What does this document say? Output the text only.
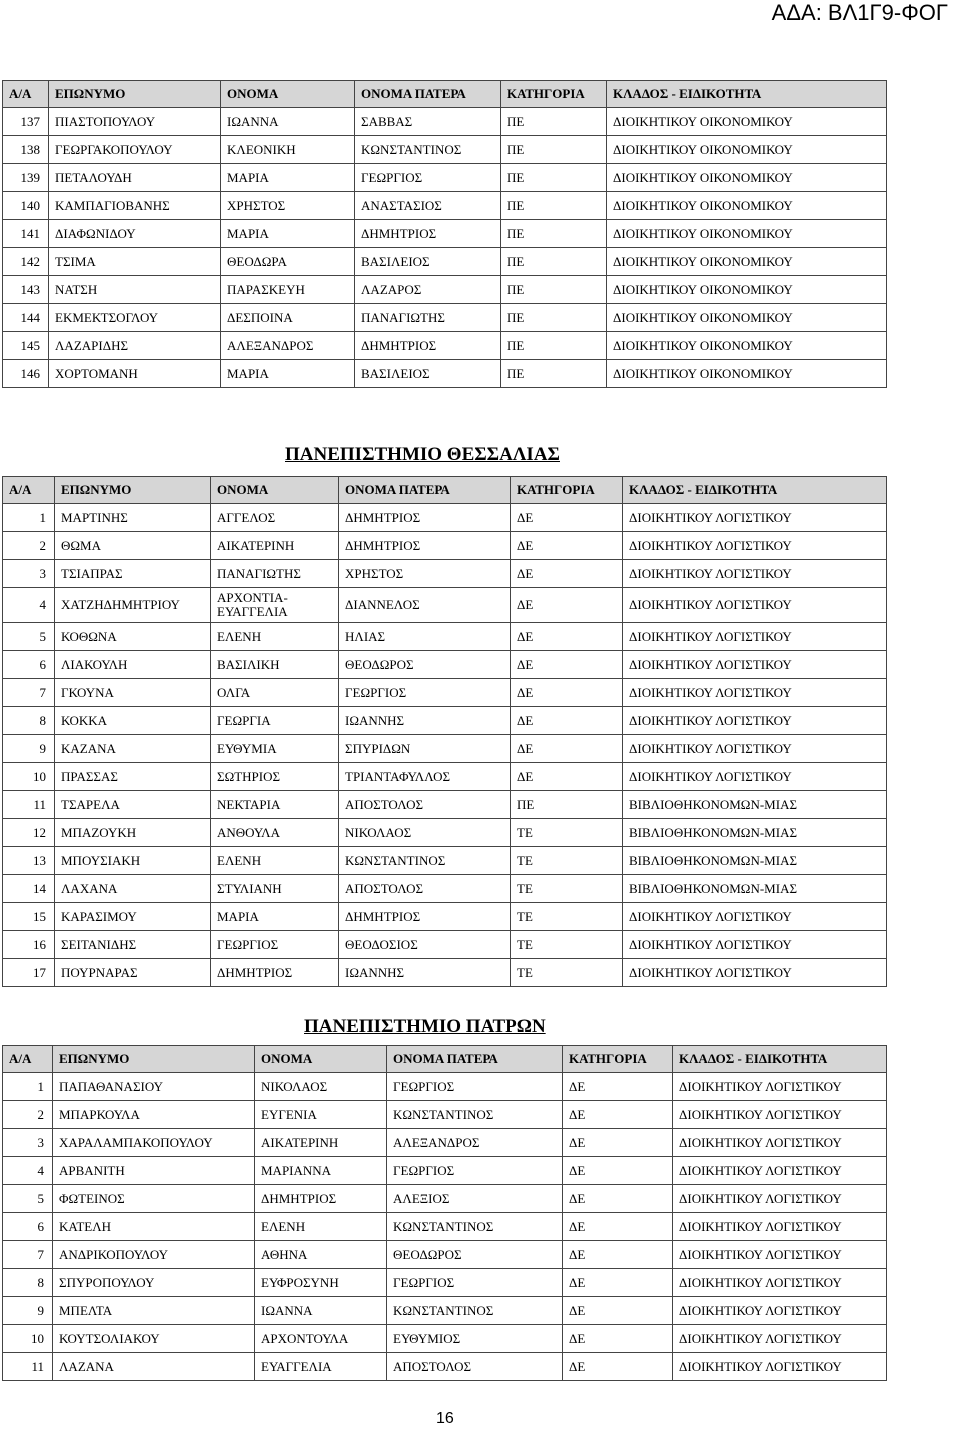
ΑΔΑ: ΒΛ1Γ9-ΦΟΓ
Α/Α	ΕΠΩΝΥΜΟ	ΟΝΟΜΑ	ΟΝΟΜΑ ΠΑΤΕΡΑ	ΚΑΤΗΓΟΡΙΑ	ΚΛΑΔΟΣ - ΕΙΔΙΚΟΤΗΤΑ
137	ΠΙΑΣΤΟΠΟΥΛΟΥ	ΙΩΑΝΝΑ	ΣΑΒΒΑΣ	ΠΕ	ΔΙΟΙΚΗΤΙΚΟΥ ΟΙΚΟΝΟΜΙΚΟΥ
138	ΓΕΩΡΓΑΚΟΠΟΥΛΟΥ	ΚΛΕΟΝΙΚΗ	ΚΩΝΣΤΑΝΤΙΝΟΣ	ΠΕ	ΔΙΟΙΚΗΤΙΚΟΥ ΟΙΚΟΝΟΜΙΚΟΥ
139	ΠΕΤΑΛΟΥΔΗ	ΜΑΡΙΑ	ΓΕΩΡΓΙΟΣ	ΠΕ	ΔΙΟΙΚΗΤΙΚΟΥ ΟΙΚΟΝΟΜΙΚΟΥ
140	ΚΑΜΠΑΓΙΟΒΑΝΗΣ	ΧΡΗΣΤΟΣ	ΑΝΑΣΤΑΣΙΟΣ	ΠΕ	ΔΙΟΙΚΗΤΙΚΟΥ ΟΙΚΟΝΟΜΙΚΟΥ
141	ΔΙΑΦΩΝΙΔΟΥ	ΜΑΡΙΑ	ΔΗΜΗΤΡΙΟΣ	ΠΕ	ΔΙΟΙΚΗΤΙΚΟΥ ΟΙΚΟΝΟΜΙΚΟΥ
142	ΤΣΙΜΑ	ΘΕΟΔΩΡΑ	ΒΑΣΙΛΕΙΟΣ	ΠΕ	ΔΙΟΙΚΗΤΙΚΟΥ ΟΙΚΟΝΟΜΙΚΟΥ
143	ΝΑΤΣΗ	ΠΑΡΑΣΚΕΥΗ	ΛΑΖΑΡΟΣ	ΠΕ	ΔΙΟΙΚΗΤΙΚΟΥ ΟΙΚΟΝΟΜΙΚΟΥ
144	ΕΚΜΕΚΤΣΟΓΛΟΥ	ΔΕΣΠΟΙΝΑ	ΠΑΝΑΓΙΩΤΗΣ	ΠΕ	ΔΙΟΙΚΗΤΙΚΟΥ ΟΙΚΟΝΟΜΙΚΟΥ
145	ΛΑΖΑΡΙΔΗΣ	ΑΛΕΞΑΝΔΡΟΣ	ΔΗΜΗΤΡΙΟΣ	ΠΕ	ΔΙΟΙΚΗΤΙΚΟΥ ΟΙΚΟΝΟΜΙΚΟΥ
146	ΧΟΡΤΟΜΑΝΗ	ΜΑΡΙΑ	ΒΑΣΙΛΕΙΟΣ	ΠΕ	ΔΙΟΙΚΗΤΙΚΟΥ ΟΙΚΟΝΟΜΙΚΟΥ
ΠΑΝΕΠΙΣΤΗΜΙΟ ΘΕΣΣΑΛΙΑΣ
Α/Α	ΕΠΩΝΥΜΟ	ΟΝΟΜΑ	ΟΝΟΜΑ ΠΑΤΕΡΑ	ΚΑΤΗΓΟΡΙΑ	ΚΛΑΔΟΣ - ΕΙΔΙΚΟΤΗΤΑ
1	ΜΑΡΤΙΝΗΣ	ΑΓΓΕΛΟΣ	ΔΗΜΗΤΡΙΟΣ	ΔΕ	ΔΙΟΙΚΗΤΙΚΟΥ ΛΟΓΙΣΤΙΚΟΥ
2	ΘΩΜΑ	ΑΙΚΑΤΕΡΙΝΗ	ΔΗΜΗΤΡΙΟΣ	ΔΕ	ΔΙΟΙΚΗΤΙΚΟΥ ΛΟΓΙΣΤΙΚΟΥ
3	ΤΣΙΑΠΡΑΣ	ΠΑΝΑΓΙΩΤΗΣ	ΧΡΗΣΤΟΣ	ΔΕ	ΔΙΟΙΚΗΤΙΚΟΥ ΛΟΓΙΣΤΙΚΟΥ
4	ΧΑΤΖΗΔΗΜΗΤΡΙΟΥ	ΑΡΧΟΝΤΙΑ-ΕΥΑΓΓΕΛΙΑ	ΔΙΑΝΝΕΛΟΣ	ΔΕ	ΔΙΟΙΚΗΤΙΚΟΥ ΛΟΓΙΣΤΙΚΟΥ
5	ΚΟΘΩΝΑ	ΕΛΕΝΗ	ΗΛΙΑΣ	ΔΕ	ΔΙΟΙΚΗΤΙΚΟΥ ΛΟΓΙΣΤΙΚΟΥ
6	ΛΙΑΚΟΥΛΗ	ΒΑΣΙΛΙΚΗ	ΘΕΟΔΩΡΟΣ	ΔΕ	ΔΙΟΙΚΗΤΙΚΟΥ ΛΟΓΙΣΤΙΚΟΥ
7	ΓΚΟΥΝΑ	ΟΛΓΑ	ΓΕΩΡΓΙΟΣ	ΔΕ	ΔΙΟΙΚΗΤΙΚΟΥ ΛΟΓΙΣΤΙΚΟΥ
8	ΚΟΚΚΑ	ΓΕΩΡΓΙΑ	ΙΩΑΝΝΗΣ	ΔΕ	ΔΙΟΙΚΗΤΙΚΟΥ ΛΟΓΙΣΤΙΚΟΥ
9	ΚΑΖΑΝΑ	ΕΥΘΥΜΙΑ	ΣΠΥΡΙΔΩΝ	ΔΕ	ΔΙΟΙΚΗΤΙΚΟΥ ΛΟΓΙΣΤΙΚΟΥ
10	ΠΡΑΣΣΑΣ	ΣΩΤΗΡΙΟΣ	ΤΡΙΑΝΤΑΦΥΛΛΟΣ	ΔΕ	ΔΙΟΙΚΗΤΙΚΟΥ ΛΟΓΙΣΤΙΚΟΥ
11	ΤΣΑΡΕΛΑ	ΝΕΚΤΑΡΙΑ	ΑΠΟΣΤΟΛΟΣ	ΠΕ	ΒΙΒΛΙΟΘΗΚΟΝΟΜΩΝ-ΜΙΑΣ
12	ΜΠΑΖΟΥΚΗ	ΑΝΘΟΥΛΑ	ΝΙΚΟΛΑΟΣ	ΤΕ	ΒΙΒΛΙΟΘΗΚΟΝΟΜΩΝ-ΜΙΑΣ
13	ΜΠΟΥΣΙΑΚΗ	ΕΛΕΝΗ	ΚΩΝΣΤΑΝΤΙΝΟΣ	ΤΕ	ΒΙΒΛΙΟΘΗΚΟΝΟΜΩΝ-ΜΙΑΣ
14	ΛΑΧΑΝΑ	ΣΤΥΛΙΑΝΗ	ΑΠΟΣΤΟΛΟΣ	ΤΕ	ΒΙΒΛΙΟΘΗΚΟΝΟΜΩΝ-ΜΙΑΣ
15	ΚΑΡΑΣΙΜΟΥ	ΜΑΡΙΑ	ΔΗΜΗΤΡΙΟΣ	ΤΕ	ΔΙΟΙΚΗΤΙΚΟΥ ΛΟΓΙΣΤΙΚΟΥ
16	ΣΕΙΤΑΝΙΔΗΣ	ΓΕΩΡΓΙΟΣ	ΘΕΟΔΟΣΙΟΣ	ΤΕ	ΔΙΟΙΚΗΤΙΚΟΥ ΛΟΓΙΣΤΙΚΟΥ
17	ΠΟΥΡΝΑΡΑΣ	ΔΗΜΗΤΡΙΟΣ	ΙΩΑΝΝΗΣ	ΤΕ	ΔΙΟΙΚΗΤΙΚΟΥ ΛΟΓΙΣΤΙΚΟΥ
ΠΑΝΕΠΙΣΤΗΜΙΟ ΠΑΤΡΩΝ
Α/Α	ΕΠΩΝΥΜΟ	ΟΝΟΜΑ	ΟΝΟΜΑ ΠΑΤΕΡΑ	ΚΑΤΗΓΟΡΙΑ	ΚΛΑΔΟΣ - ΕΙΔΙΚΟΤΗΤΑ
1	ΠΑΠΑΘΑΝΑΣΙΟΥ	ΝΙΚΟΛΑΟΣ	ΓΕΩΡΓΙΟΣ	ΔΕ	ΔΙΟΙΚΗΤΙΚΟΥ ΛΟΓΙΣΤΙΚΟΥ
2	ΜΠΑΡΚΟΥΛΑ	ΕΥΓΕΝΙΑ	ΚΩΝΣΤΑΝΤΙΝΟΣ	ΔΕ	ΔΙΟΙΚΗΤΙΚΟΥ ΛΟΓΙΣΤΙΚΟΥ
3	ΧΑΡΑΛΑΜΠΑΚΟΠΟΥΛΟΥ	ΑΙΚΑΤΕΡΙΝΗ	ΑΛΕΞΑΝΔΡΟΣ	ΔΕ	ΔΙΟΙΚΗΤΙΚΟΥ ΛΟΓΙΣΤΙΚΟΥ
4	ΑΡΒΑΝΙΤΗ	ΜΑΡΙΑΝΝΑ	ΓΕΩΡΓΙΟΣ	ΔΕ	ΔΙΟΙΚΗΤΙΚΟΥ ΛΟΓΙΣΤΙΚΟΥ
5	ΦΩΤΕΙΝΟΣ	ΔΗΜΗΤΡΙΟΣ	ΑΛΕΞΙΟΣ	ΔΕ	ΔΙΟΙΚΗΤΙΚΟΥ ΛΟΓΙΣΤΙΚΟΥ
6	ΚΑΤΕΛΗ	ΕΛΕΝΗ	ΚΩΝΣΤΑΝΤΙΝΟΣ	ΔΕ	ΔΙΟΙΚΗΤΙΚΟΥ ΛΟΓΙΣΤΙΚΟΥ
7	ΑΝΔΡΙΚΟΠΟΥΛΟΥ	ΑΘΗΝΑ	ΘΕΟΔΩΡΟΣ	ΔΕ	ΔΙΟΙΚΗΤΙΚΟΥ ΛΟΓΙΣΤΙΚΟΥ
8	ΣΠΥΡΟΠΟΥΛΟΥ	ΕΥΦΡΟΣΥΝΗ	ΓΕΩΡΓΙΟΣ	ΔΕ	ΔΙΟΙΚΗΤΙΚΟΥ ΛΟΓΙΣΤΙΚΟΥ
9	ΜΠΕΛΤΑ	ΙΩΑΝΝΑ	ΚΩΝΣΤΑΝΤΙΝΟΣ	ΔΕ	ΔΙΟΙΚΗΤΙΚΟΥ ΛΟΓΙΣΤΙΚΟΥ
10	ΚΟΥΤΣΟΛΙΑΚΟΥ	ΑΡΧΟΝΤΟΥΛΑ	ΕΥΘΥΜΙΟΣ	ΔΕ	ΔΙΟΙΚΗΤΙΚΟΥ ΛΟΓΙΣΤΙΚΟΥ
11	ΛΑΖΑΝΑ	ΕΥΑΓΓΕΛΙΑ	ΑΠΟΣΤΟΛΟΣ	ΔΕ	ΔΙΟΙΚΗΤΙΚΟΥ ΛΟΓΙΣΤΙΚΟΥ
16
